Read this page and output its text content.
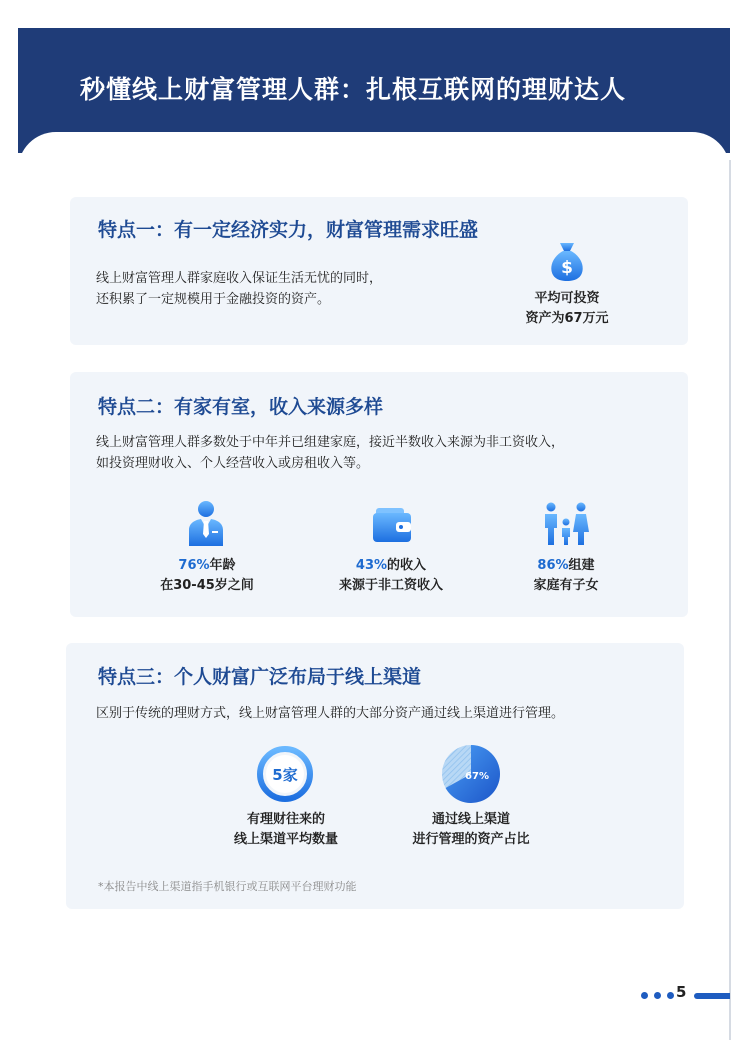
秒懂线上财富管理人群：扎根互联网的理财达人
特点一：有一定经济实力，财富管理需求旺盛
线上财富管理人群家庭收入保证生活无忧的同时，
还积累了一定规模用于金融投资的资产。
$
平均可投资
资产为67万元
特点二：有家有室，收入来源多样
线上财富管理人群多数处于中年并已组建家庭，接近半数收入来源为非工资收入，
如投资理财收入、个人经营收入或房租收入等。
76%年龄
在30-45岁之间
43%的收入
来源于非工资收入
86%组建
家庭有子女
特点三：个人财富广泛布局于线上渠道
区别于传统的理财方式，线上财富管理人群的大部分资产通过线上渠道进行管理。
5家
有理财往来的
线上渠道平均数量
67%
通过线上渠道
进行管理的资产占比
*本报告中线上渠道指手机银行或互联网平台理财功能
5
